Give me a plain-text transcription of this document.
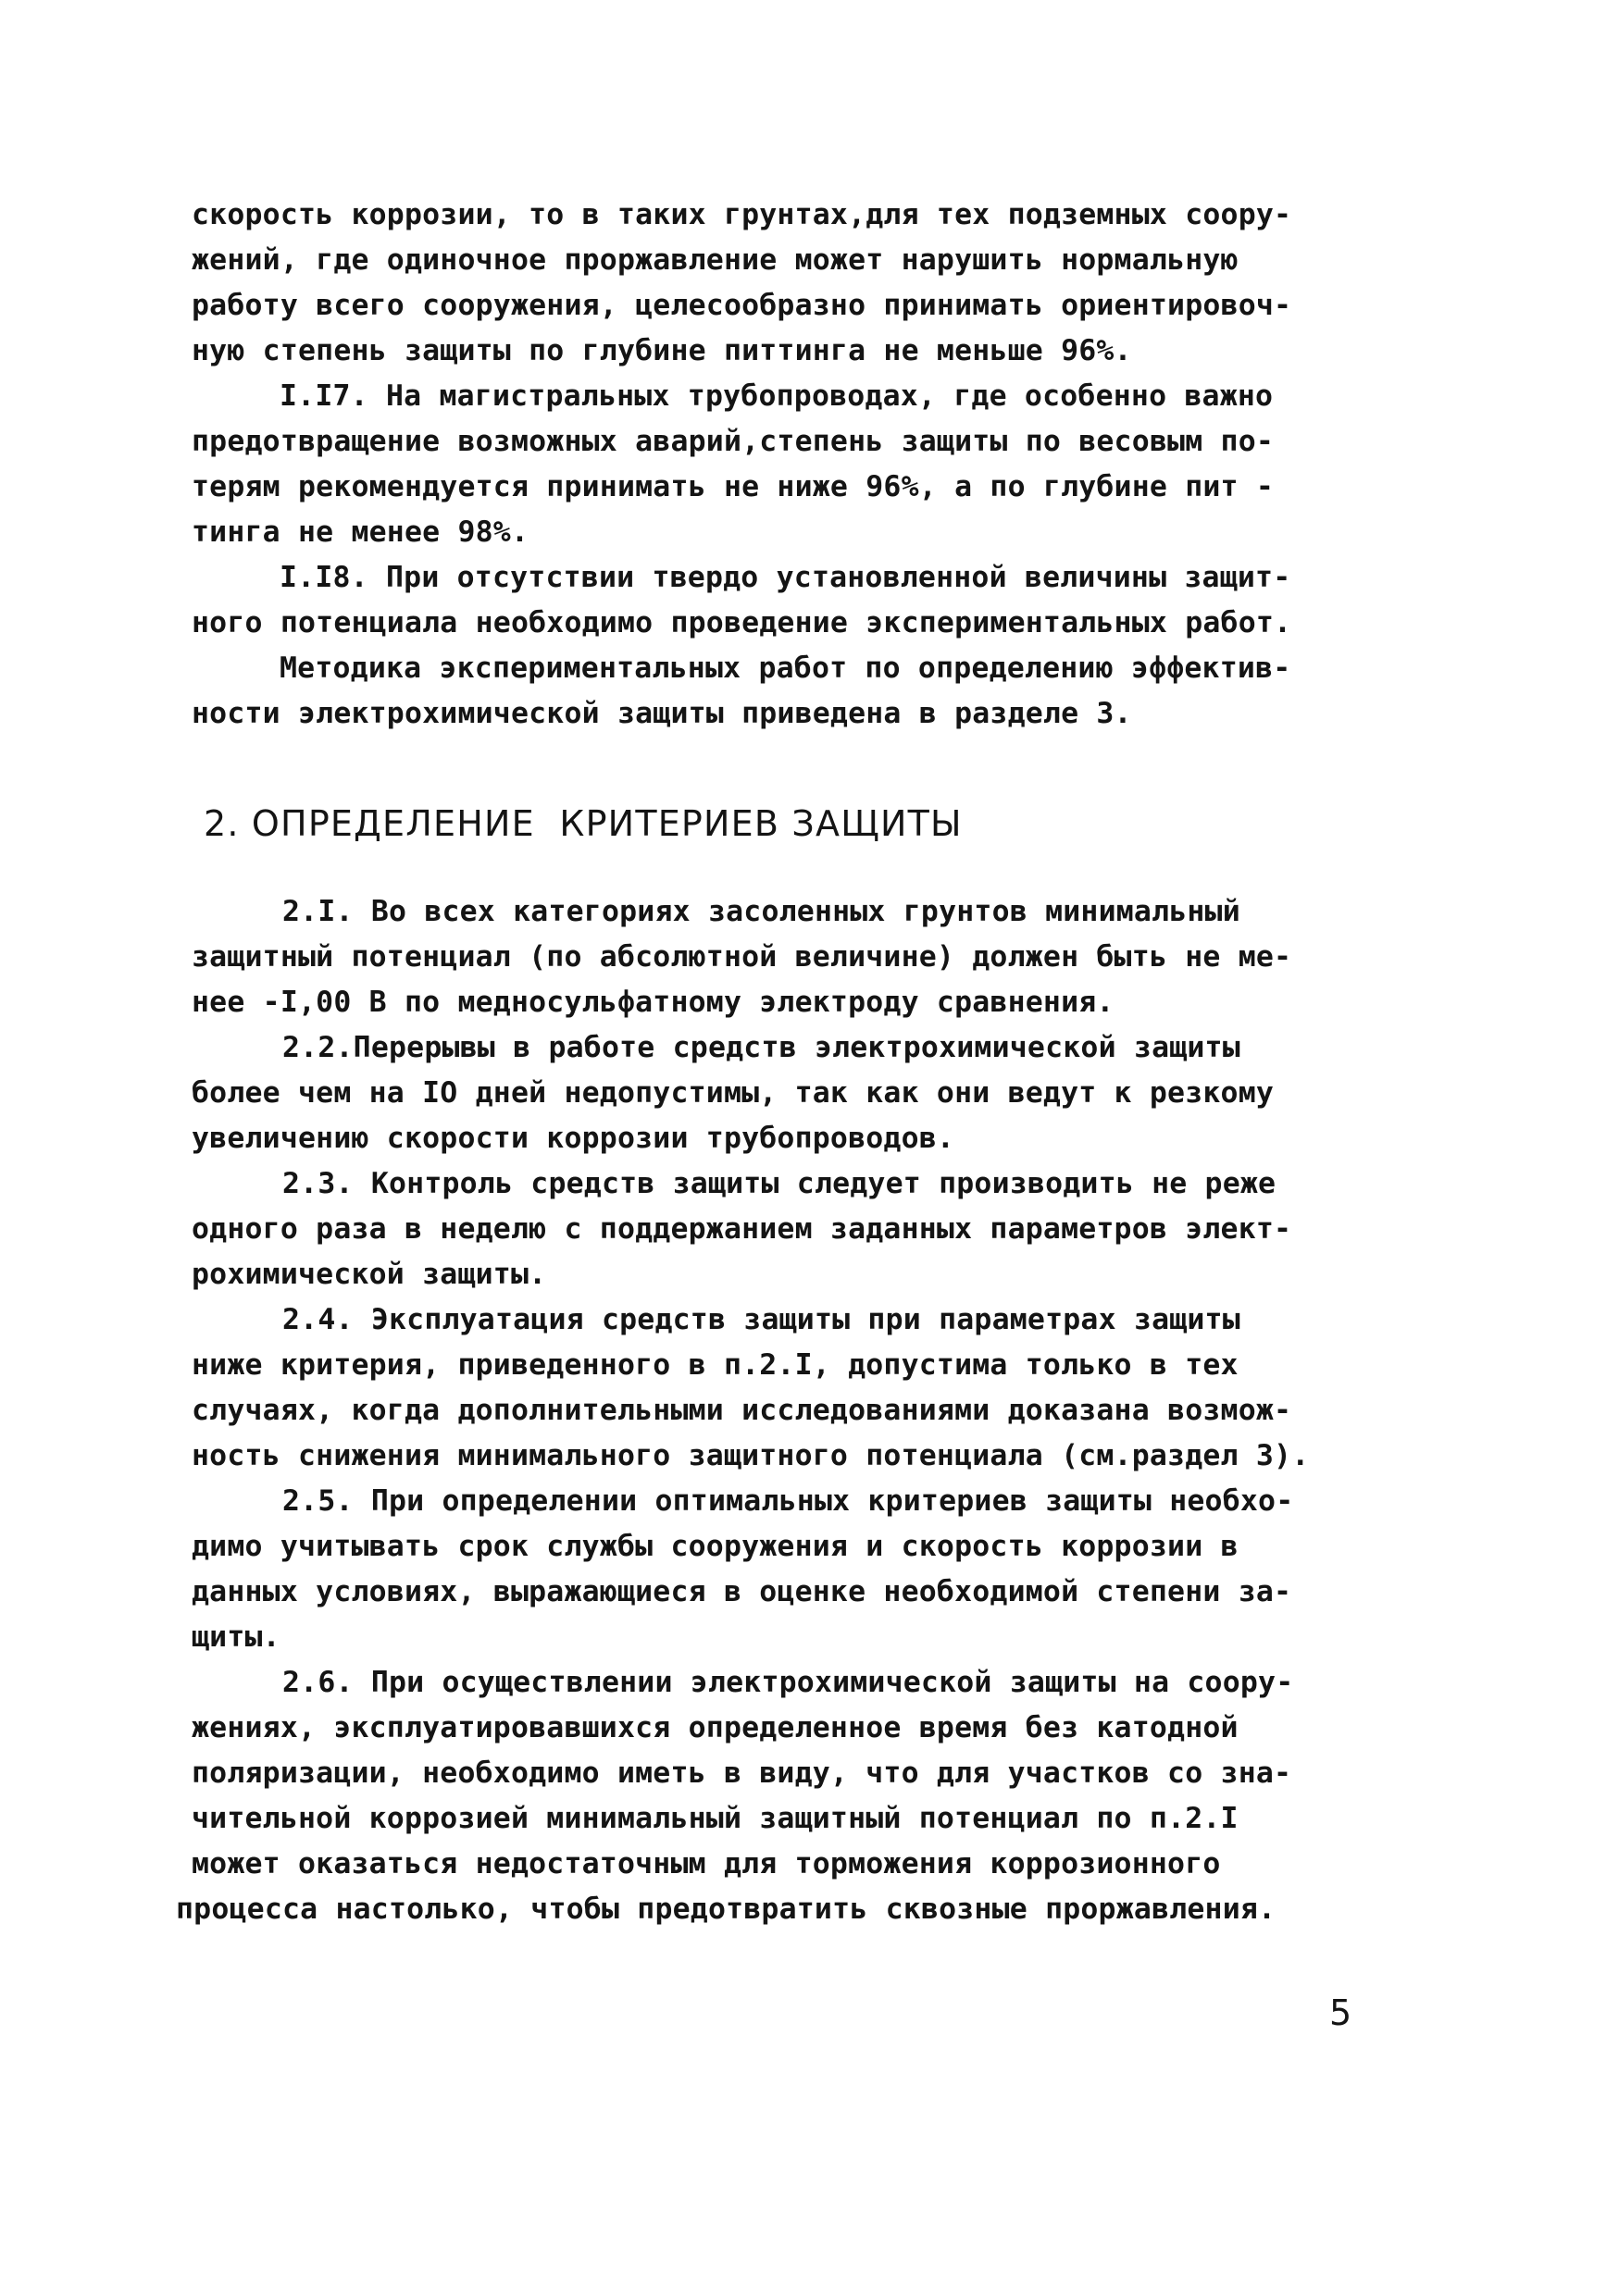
скорость коррозии, то в таких грунтах,для тех подземных соору-
жений, где одиночное проржавление может нарушить нормальную
работу всего сооружения, целесообразно принимать ориентировоч-
ную степень защиты по глубине питтинга не меньше 96%.
I.I7. На магистральных трубопроводах, где особенно важно
предотвращение возможных аварий,степень защиты по весовым по-
терям рекомендуется принимать не ниже 96%, а по глубине пит -
тинга не менее 98%.
I.I8. При отсутствии твердо установленной величины защит-
ного потенциала необходимо проведение экспериментальных работ.
Методика экспериментальных работ по определению эффектив-
ности электрохимической защиты приведена в разделе 3.
2. ОПРЕДЕЛЕНИЕ  КРИТЕРИЕВ ЗАЩИТЫ
2.I. Во всех категориях засоленных грунтов минимальный
защитный потенциал (по абсолютной величине) должен быть не ме-
нее -I,00 В по медносульфатному электроду сравнения.
2.2.Перерывы в работе средств электрохимической защиты
более чем на IO дней недопустимы, так как они ведут к резкому
увеличению скорости коррозии трубопроводов.
2.3. Контроль средств защиты следует производить не реже
одного раза в неделю с поддержанием заданных параметров элект-
рохимической защиты.
2.4. Эксплуатация средств защиты при параметрах защиты
ниже критерия, приведенного в п.2.I, допустима только в тех
случаях, когда дополнительными исследованиями доказана возмож-
ность снижения минимального защитного потенциала (см.раздел 3).
2.5. При определении оптимальных критериев защиты необхо-
димо учитывать срок службы сооружения и скорость коррозии в
данных условиях, выражающиеся в оценке необходимой степени за-
щиты.
2.6. При осуществлении электрохимической защиты на соору-
жениях, эксплуатировавшихся определенное время без катодной
поляризации, необходимо иметь в виду, что для участков со зна-
чительной коррозией минимальный защитный потенциал по п.2.I
может оказаться недостаточным для торможения коррозионного
процесса настолько, чтобы предотвратить сквозные проржавления.
5
